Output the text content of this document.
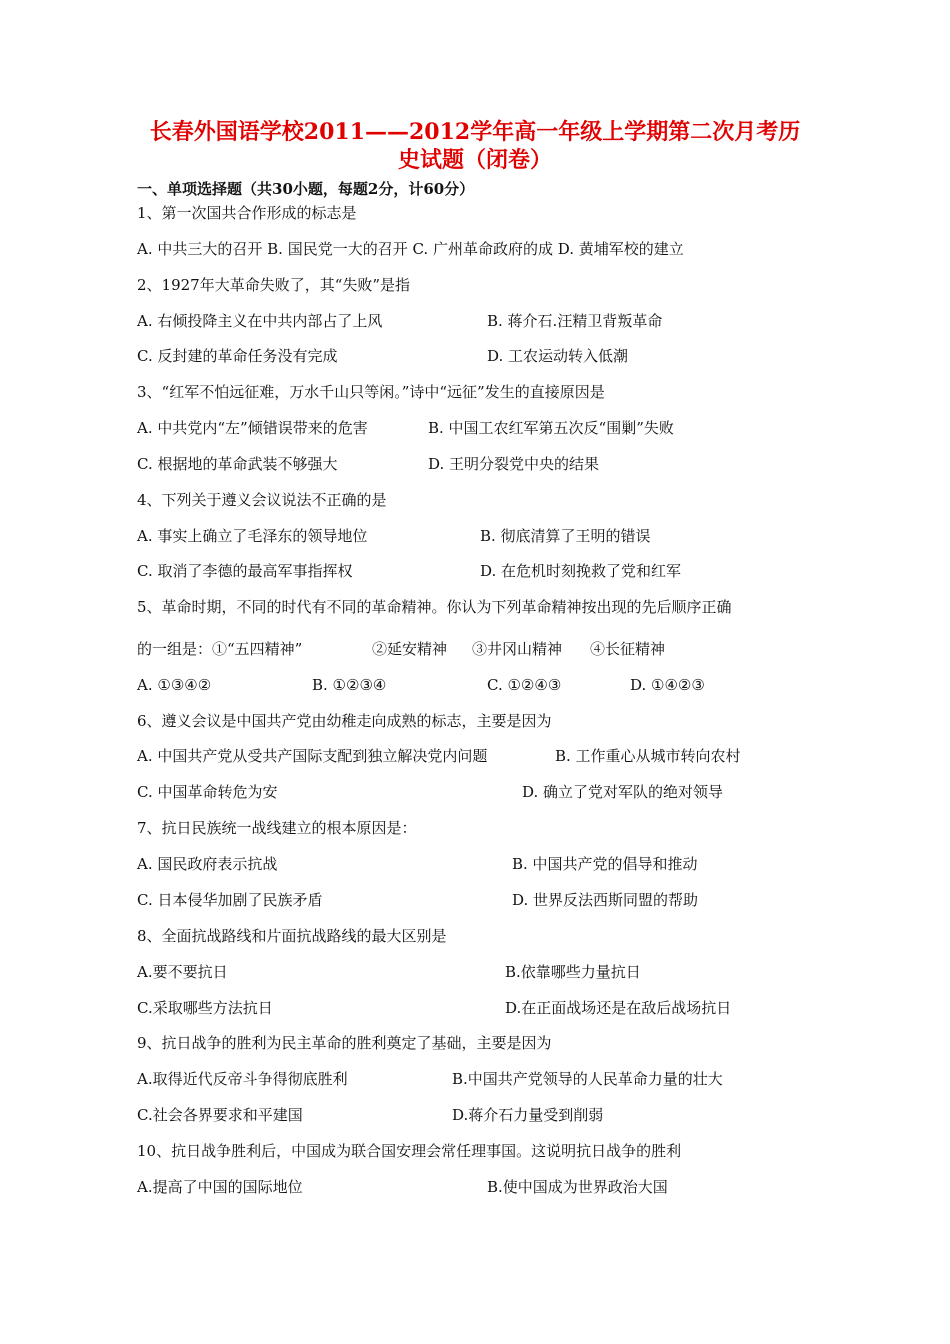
长春外国语学校2011——2012学年高一年级上学期第二次月考历
史试题（闭卷）
一、单项选择题（共30小题，每题2分，计60分）
1、第一次国共合作形成的标志是
A. 中共三大的召开 B. 国民党一大的召开 C. 广州革命政府的成 D. 黄埔军校的建立
2、1927年大革命失败了，其“失败”是指
A. 右倾投降主义在中共内部占了上风	B. 蒋介石.汪精卫背叛革命
C. 反封建的革命任务没有完成	D. 工农运动转入低潮
3、“红军不怕远征难，万水千山只等闲。”诗中“远征”发生的直接原因是
A. 中共党内“左”倾错误带来的危害	B. 中国工农红军第五次反“围剿”失败
C. 根据地的革命武装不够强大	D. 王明分裂党中央的结果
4、下列关于遵义会议说法不正确的是
A. 事实上确立了毛泽东的领导地位	B. 彻底清算了王明的错误
C. 取消了李德的最高军事指挥权	D. 在危机时刻挽救了党和红军
5、革命时期，不同的时代有不同的革命精神。你认为下列革命精神按出现的先后顺序正确
的一组是：①“五四精神”	②延安精神 ③井冈山精神 ④长征精神
A. ①③④②	B. ①②③④	C. ①②④③	D. ①④②③
6、遵义会议是中国共产党由幼稚走向成熟的标志，主要是因为
A. 中国共产党从受共产国际支配到独立解决党内问题	B. 工作重心从城市转向农村
C. 中国革命转危为安	D. 确立了党对军队的绝对领导
7、抗日民族统一战线建立的根本原因是：
A. 国民政府表示抗战	B. 中国共产党的倡导和推动
C. 日本侵华加剧了民族矛盾	D. 世界反法西斯同盟的帮助
8、全面抗战路线和片面抗战路线的最大区别是
A.要不要抗日	B.依靠哪些力量抗日
C.采取哪些方法抗日	D.在正面战场还是在敌后战场抗日
9、抗日战争的胜利为民主革命的胜利奠定了基础，主要是因为
A.取得近代反帝斗争得彻底胜利	B.中国共产党领导的人民革命力量的壮大
C.社会各界要求和平建国	D.蒋介石力量受到削弱
10、抗日战争胜利后，中国成为联合国安理会常任理事国。这说明抗日战争的胜利
A.提高了中国的国际地位	B.使中国成为世界政治大国
